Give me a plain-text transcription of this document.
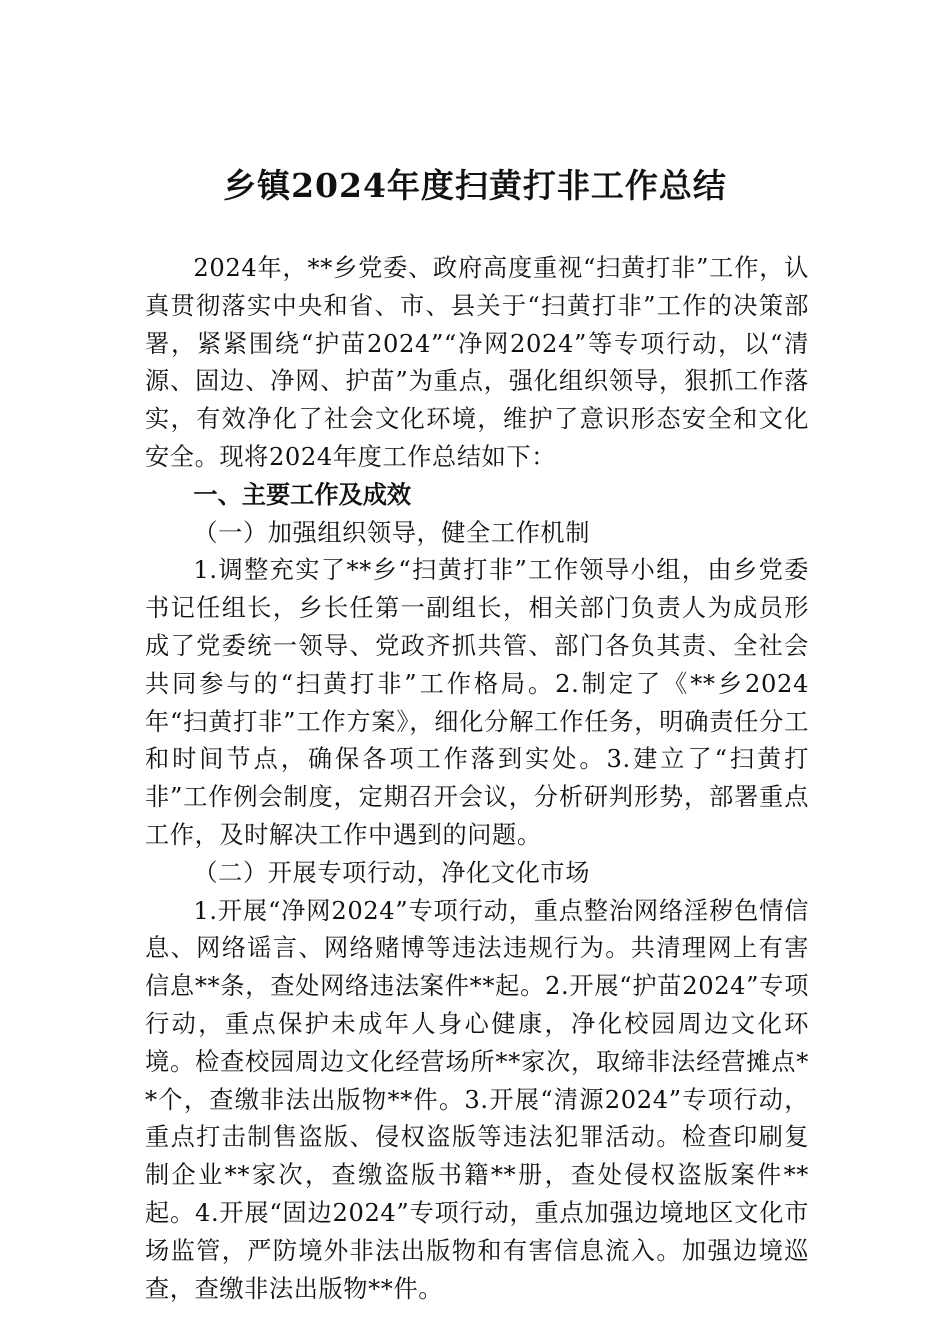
乡镇2024年度扫黄打非工作总结

2024年，**乡党委、政府高度重视“扫黄打非”工作，认真贯彻落实中央和省、市、县关于“扫黄打非”工作的决策部署，紧紧围绕“护苗2024”“净网2024”等专项行动，以“清源、固边、净网、护苗”为重点，强化组织领导，狠抓工作落实，有效净化了社会文化环境，维护了意识形态安全和文化安全。现将2024年度工作总结如下：

一、主要工作及成效

（一）加强组织领导，健全工作机制

1.调整充实了**乡“扫黄打非”工作领导小组，由乡党委书记任组长，乡长任第一副组长，相关部门负责人为成员形成了党委统一领导、党政齐抓共管、部门各负其责、全社会共同参与的“扫黄打非”工作格局。2.制定了《**乡2024年“扫黄打非”工作方案》，细化分解工作任务，明确责任分工和时间节点，确保各项工作落到实处。3.建立了“扫黄打非”工作例会制度，定期召开会议，分析研判形势，部署重点工作，及时解决工作中遇到的问题。

（二）开展专项行动，净化文化市场

1.开展“净网2024”专项行动，重点整治网络淫秽色情信息、网络谣言、网络赌博等违法违规行为。共清理网上有害信息**条，查处网络违法案件**起。2.开展“护苗2024”专项行动，重点保护未成年人身心健康，净化校园周边文化环境。检查校园周边文化经营场所**家次，取缔非法经营摊点**个，查缴非法出版物**件。3.开展“清源2024”专项行动，重点打击制售盗版、侵权盗版等违法犯罪活动。检查印刷复制企业**家次，查缴盗版书籍**册，查处侵权盗版案件**起。4.开展“固边2024”专项行动，重点加强边境地区文化市场监管，严防境外非法出版物和有害信息流入。加强边境巡查，查缴非法出版物**件。
